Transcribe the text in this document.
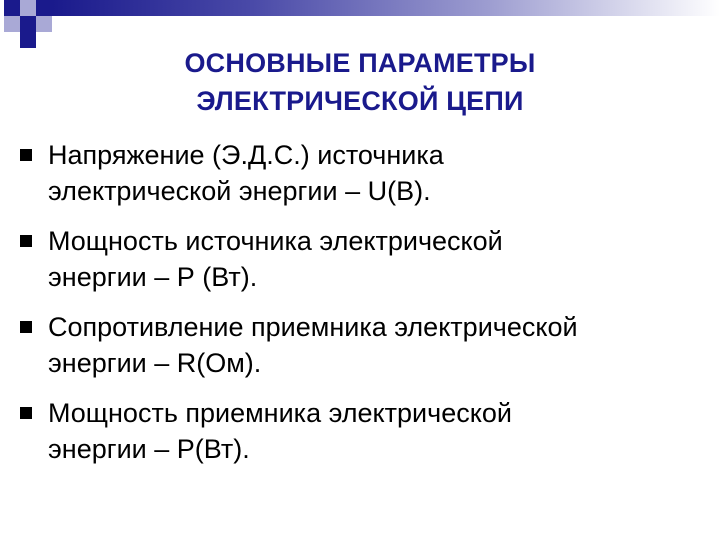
ОСНОВНЫЕ ПАРАМЕТРЫ
ЭЛЕКТРИЧЕСКОЙ ЦЕПИ
Напряжение (Э.Д.С.) источника
электрической энергии – U(B).
Мощность источника электрической
энергии – Р (Вт).
Сопротивление приемника электрической
энергии – R(Ом).
Мощность приемника электрической
энергии – Р(Вт).
